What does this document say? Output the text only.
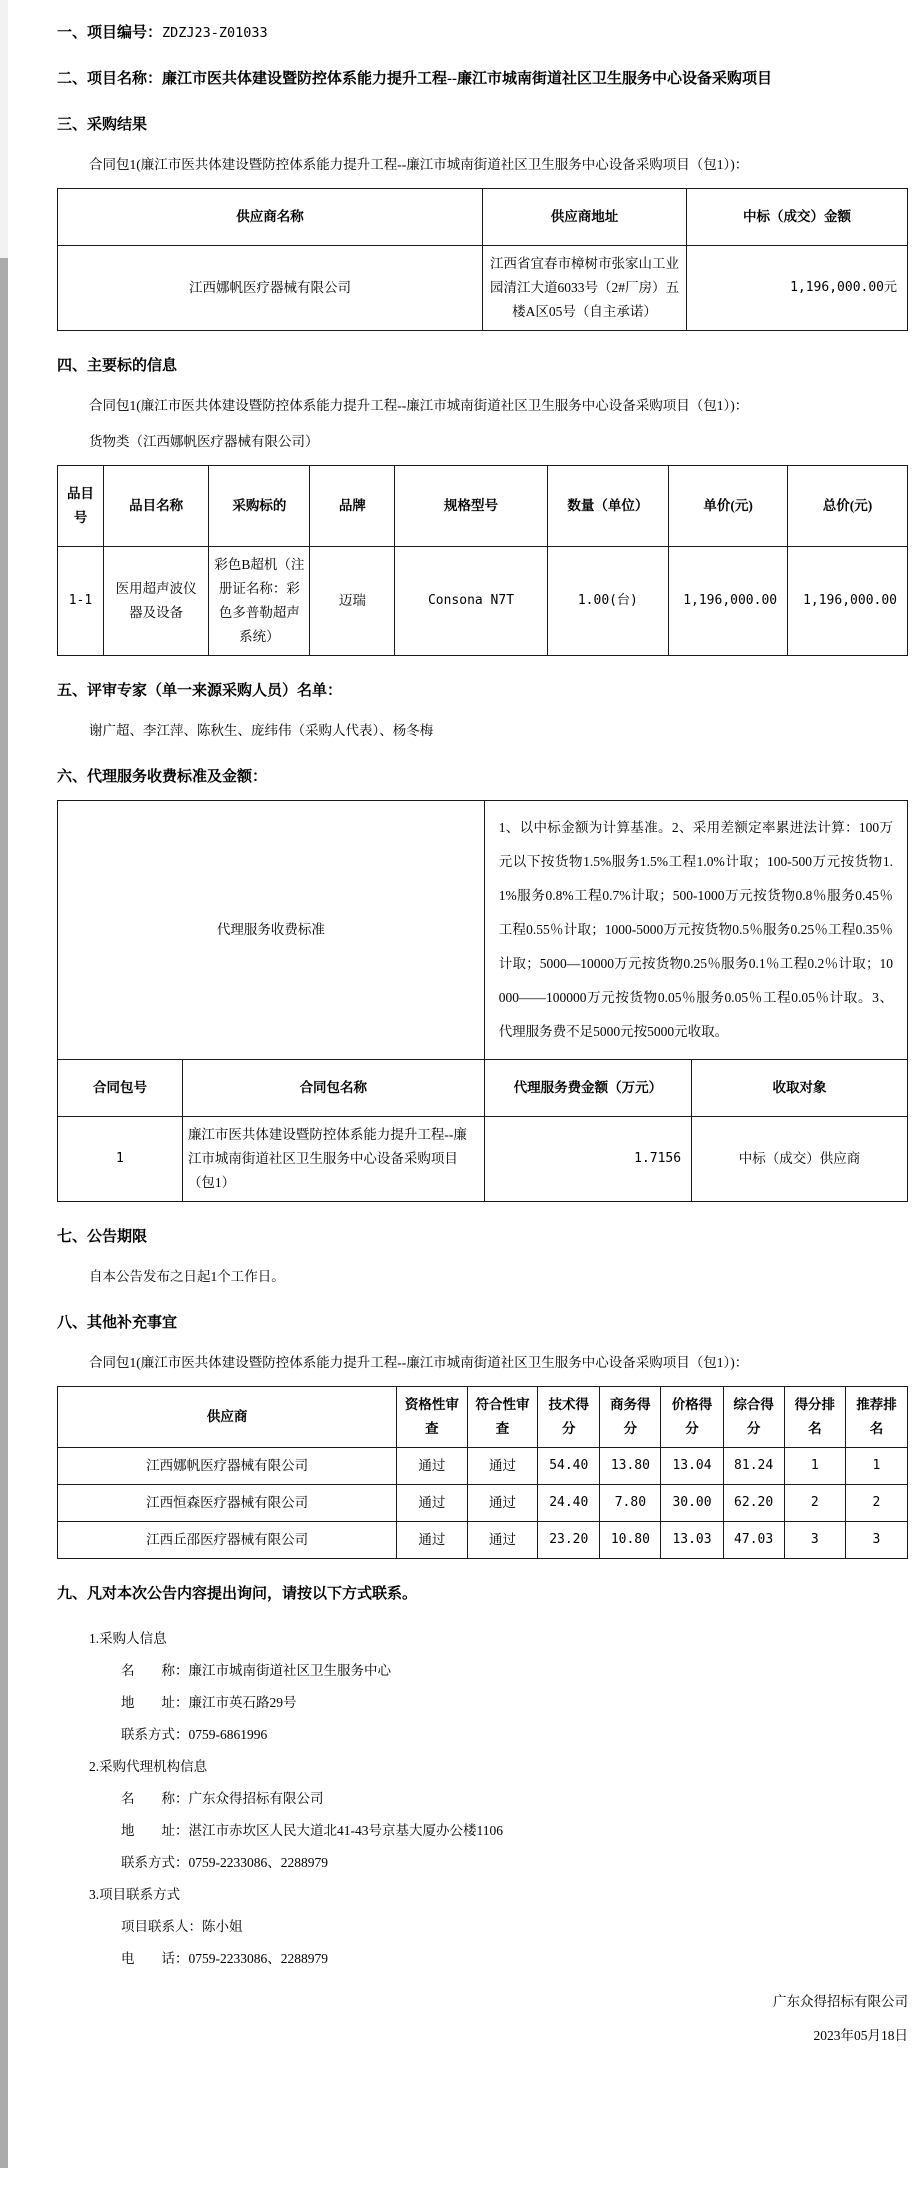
一、项目编号：ZDZJ23-Z01033
二、项目名称：廉江市医共体建设暨防控体系能力提升工程--廉江市城南街道社区卫生服务中心设备采购项目
三、采购结果
合同包1(廉江市医共体建设暨防控体系能力提升工程--廉江市城南街道社区卫生服务中心设备采购项目（包1）)：
供应商名称	供应商地址	中标（成交）金额
江西娜帆医疗器械有限公司	江西省宜春市樟树市张家山工业园清江大道6033号（2#厂房）五楼A区05号（自主承诺）	1,196,000.00元
四、主要标的信息
合同包1(廉江市医共体建设暨防控体系能力提升工程--廉江市城南街道社区卫生服务中心设备采购项目（包1）)：
货物类（江西娜帆医疗器械有限公司）
品目号	品目名称	采购标的	品牌	规格型号	数量（单位）	单价(元)	总价(元)
1-1	医用超声波仪器及设备	彩色B超机（注册证名称：彩色多普勒超声系统）	迈瑞	Consona N7T	1.00(台)	1,196,000.00	1,196,000.00
五、评审专家（单一来源采购人员）名单：
谢广超、李江萍、陈秋生、庞纬伟（采购人代表）、杨冬梅
六、代理服务收费标准及金额：
代理服务收费标准		1、以中标金额为计算基准。2、采用差额定率累进法计算：100万元以下按货物1.5%服务1.5%工程1.0%计取；100-500万元按货物1.1%服务0.8%工程0.7%计取；500-1000万元按货物0.8％服务0.45％工程0.55％计取；1000-5000万元按货物0.5％服务0.25％工程0.35％计取；5000—10000万元按货物0.25％服务0.1％工程0.2％计取；10000——100000万元按货物0.05％服务0.05％工程0.05％计取。3、代理服务费不足5000元按5000元收取。	
合同包号	合同包名称	代理服务费金额（万元）	收取对象
1	廉江市医共体建设暨防控体系能力提升工程--廉江市城南街道社区卫生服务中心设备采购项目（包1）	1.7156	中标（成交）供应商
七、公告期限
自本公告发布之日起1个工作日。
八、其他补充事宜
合同包1(廉江市医共体建设暨防控体系能力提升工程--廉江市城南街道社区卫生服务中心设备采购项目（包1）)：
供应商	资格性审查	符合性审查	技术得分	商务得分	价格得分	综合得分	得分排名	推荐排名
江西娜帆医疗器械有限公司	通过	通过	54.40	13.80	13.04	81.24	1	1
江西恒森医疗器械有限公司	通过	通过	24.40	7.80	30.00	62.20	2	2
江西丘邵医疗器械有限公司	通过	通过	23.20	10.80	13.03	47.03	3	3
九、凡对本次公告内容提出询问，请按以下方式联系。
1.采购人信息
名　　称：廉江市城南街道社区卫生服务中心
地　　址：廉江市英石路29号
联系方式：0759-6861996
2.采购代理机构信息
名　　称：广东众得招标有限公司
地　　址：湛江市赤坎区人民大道北41-43号京基大厦办公楼1106
联系方式：0759-2233086、2288979
3.项目联系方式
项目联系人：陈小姐
电　　话：0759-2233086、2288979
广东众得招标有限公司
2023年05月18日
